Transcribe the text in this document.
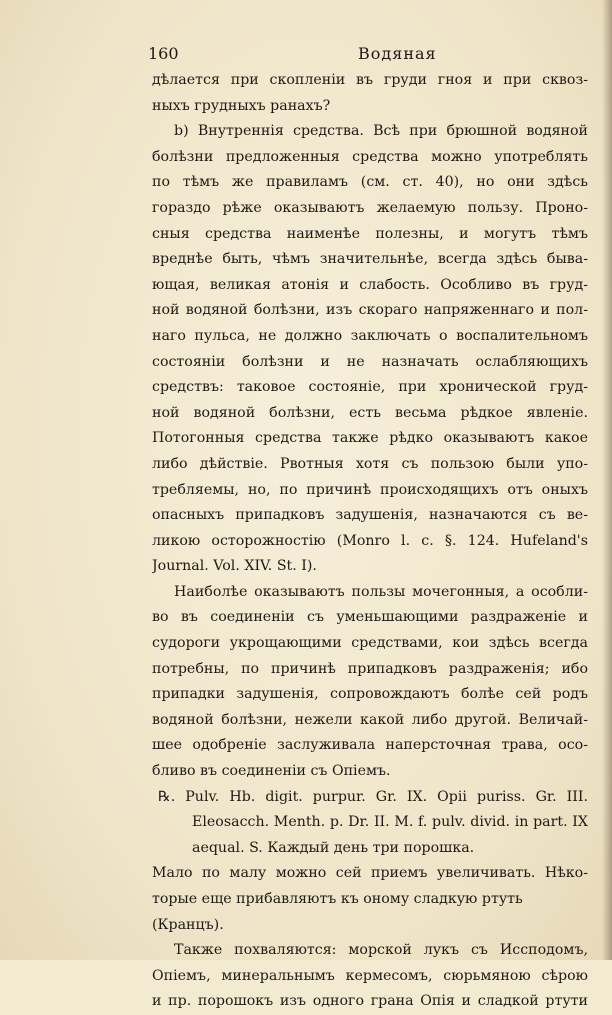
160	Водяная
дѣлается при скопленіи въ груди гноя и при сквоз-
ныхъ грудныхъ ранахъ?
b) Внутреннія средства. Всѣ при брюшной водяной
болѣзни предложенныя средства можно употреблять
по тѣмъ же правиламъ (см. ст. 40), но они здѣсь
гораздо рѣже оказываютъ желаемую пользу. Проно-
сныя средства наименѣе полезны, и могутъ тѣмъ
вреднѣе быть, чѣмъ значительнѣе, всегда здѣсь быва-
ющая, великая атонія и слабость. Особливо въ груд-
ной водяной болѣзни, изъ скораго напряженнаго и пол-
наго пульса, не должно заключать о воспалительномъ
состояніи болѣзни и не назначать ослабляющихъ
средствъ: таковое состояніе, при хронической груд-
ной водяной болѣзни, есть весьма рѣдкое явленіе.
Потогонныя средства также рѣдко оказываютъ какое
либо дѣйствіе. Рвотныя хотя съ пользою были упо-
требляемы, но, по причинѣ происходящихъ отъ оныхъ
опасныхъ припадковъ задушенія, назначаются съ ве-
ликою осторожностію (Monro l. c. §. 124. Hufeland's
Journal. Vol. XIV. St. I).
Наиболѣе оказываютъ пользы мочегонныя, а особли-
во въ соединеніи съ уменьшающими раздраженіе и
судороги укрощающими средствами, кои здѣсь всегда
потребны, по причинѣ припадковъ раздраженія; ибо
припадки задушенія, сопровождаютъ болѣе сей родъ
водяной болѣзни, нежели какой либо другой. Величай-
шее одобреніе заслуживала наперсточная трава, осо-
бливо въ соединеніи съ Опіемъ.
℞. Pulv. Hb. digit. purpur. Gr. IX. Opii puriss. Gr. III.
Eleosacch. Menth. p. Dr. II. M. f. pulv. divid. in part. IX
aequal. S. Каждый день три порошка.
Мало по малу можно сей приемъ увеличивать. Нѣко-
торые еще прибавляютъ къ оному сладкую ртуть
(Кранцъ).
Также похваляются: морской лукъ съ Иссподомъ,
Опіемъ, минеральнымъ кермесомъ, сюрьмяною сѣрою
и пр. порошокъ изъ одного грана Опія и сладкой ртути
